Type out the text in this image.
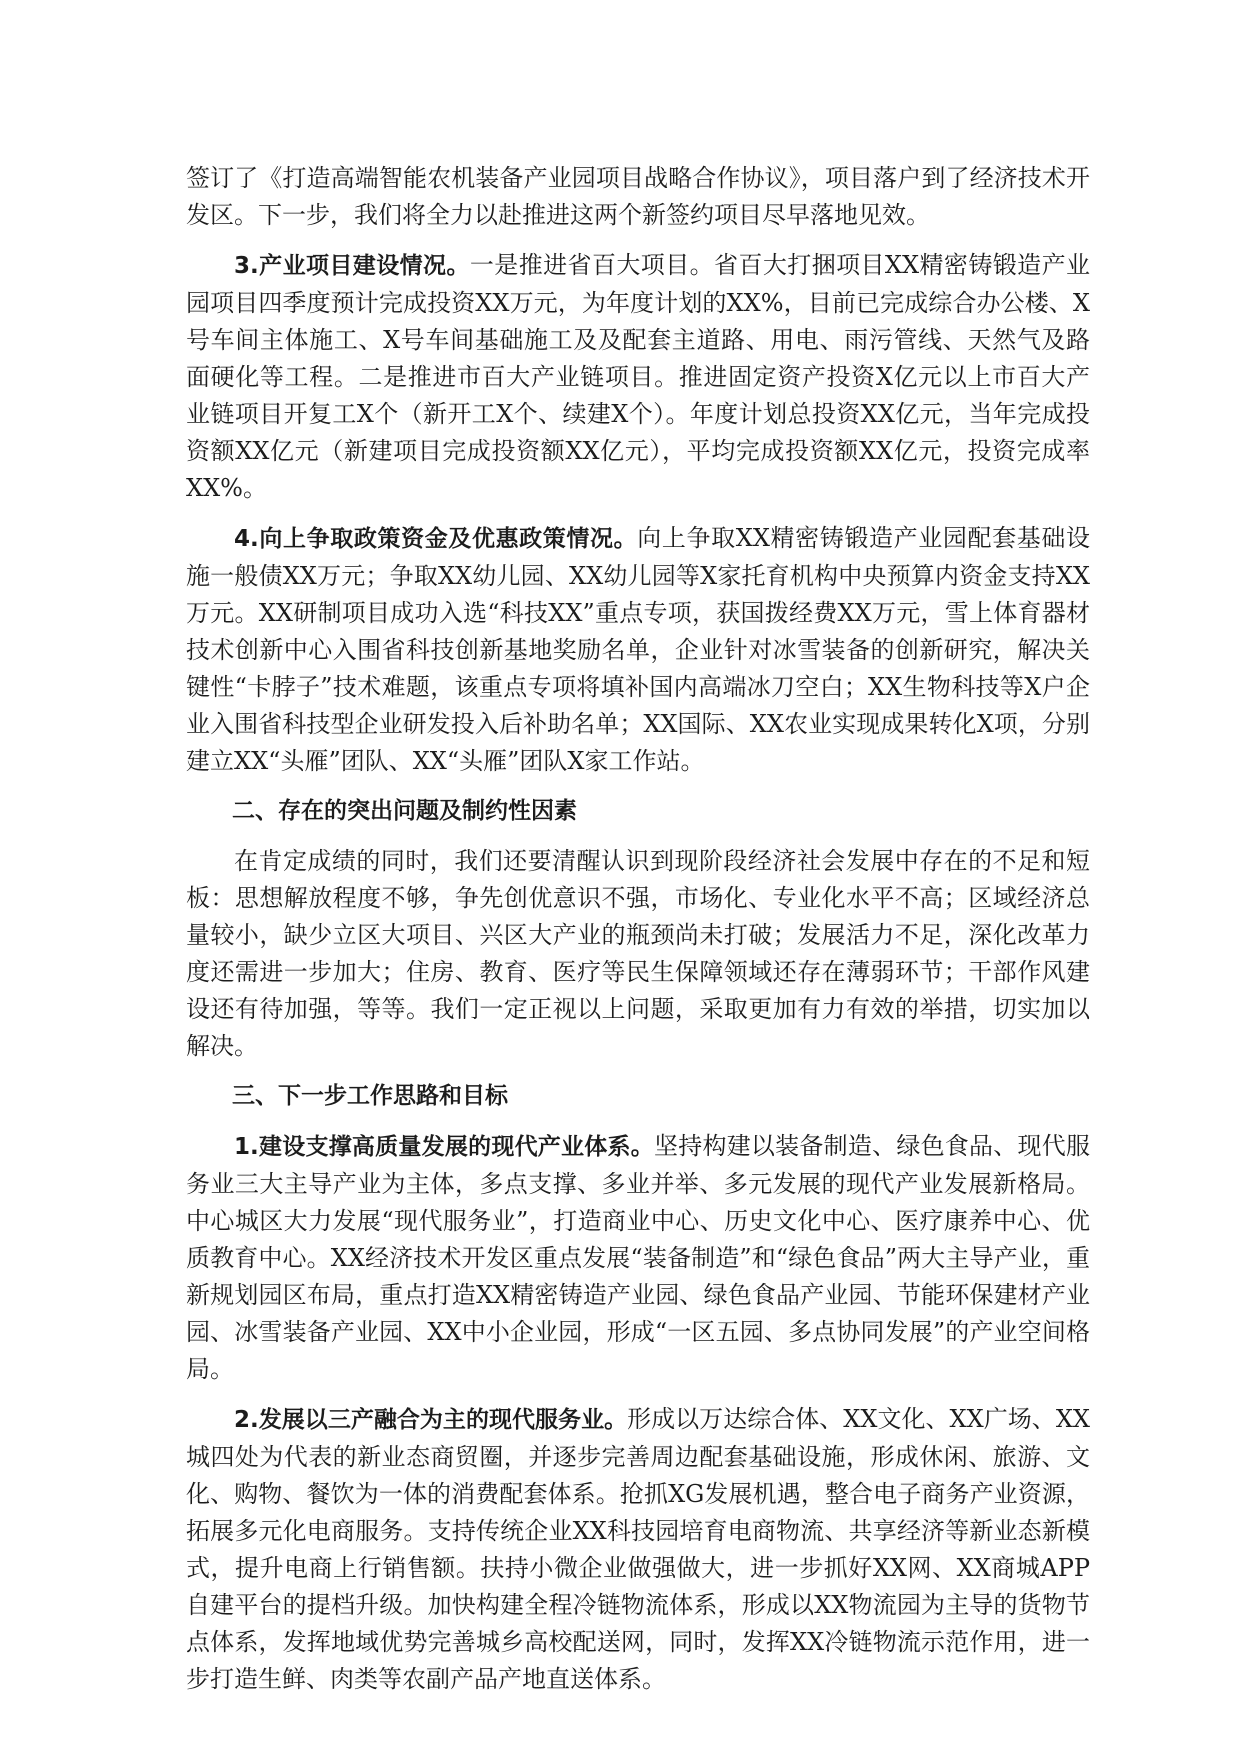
签订了《打造高端智能农机装备产业园项目战略合作协议》，项目落户到了经济技术开发区。下一步，我们将全力以赴推进这两个新签约项目尽早落地见效。

3.产业项目建设情况。一是推进省百大项目。省百大打捆项目XX精密铸锻造产业园项目四季度预计完成投资XX万元，为年度计划的XX%，目前已完成综合办公楼、X号车间主体施工、X号车间基础施工及及配套主道路、用电、雨污管线、天然气及路面硬化等工程。二是推进市百大产业链项目。推进固定资产投资X亿元以上市百大产业链项目开复工X个（新开工X个、续建X个）。年度计划总投资XX亿元，当年完成投资额XX亿元（新建项目完成投资额XX亿元），平均完成投资额XX亿元，投资完成率XX%。

4.向上争取政策资金及优惠政策情况。向上争取XX精密铸锻造产业园配套基础设施一般债XX万元；争取XX幼儿园、XX幼儿园等X家托育机构中央预算内资金支持XX万元。XX研制项目成功入选“科技XX”重点专项，获国拨经费XX万元，雪上体育器材技术创新中心入围省科技创新基地奖励名单，企业针对冰雪装备的创新研究，解决关键性“卡脖子”技术难题，该重点专项将填补国内高端冰刀空白；XX生物科技等X户企业入围省科技型企业研发投入后补助名单；XX国际、XX农业实现成果转化X项，分别建立XX“头雁”团队、XX“头雁”团队X家工作站。

二、存在的突出问题及制约性因素

在肯定成绩的同时，我们还要清醒认识到现阶段经济社会发展中存在的不足和短板：思想解放程度不够，争先创优意识不强，市场化、专业化水平不高；区域经济总量较小，缺少立区大项目、兴区大产业的瓶颈尚未打破；发展活力不足，深化改革力度还需进一步加大；住房、教育、医疗等民生保障领域还存在薄弱环节；干部作风建设还有待加强，等等。我们一定正视以上问题，采取更加有力有效的举措，切实加以解决。

三、下一步工作思路和目标

1.建设支撑高质量发展的现代产业体系。坚持构建以装备制造、绿色食品、现代服务业三大主导产业为主体，多点支撑、多业并举、多元发展的现代产业发展新格局。中心城区大力发展“现代服务业”，打造商业中心、历史文化中心、医疗康养中心、优质教育中心。XX经济技术开发区重点发展“装备制造”和“绿色食品”两大主导产业，重新规划园区布局，重点打造XX精密铸造产业园、绿色食品产业园、节能环保建材产业园、冰雪装备产业园、XX中小企业园，形成“一区五园、多点协同发展”的产业空间格局。

2.发展以三产融合为主的现代服务业。形成以万达综合体、XX文化、XX广场、XX城四处为代表的新业态商贸圈，并逐步完善周边配套基础设施，形成休闲、旅游、文化、购物、餐饮为一体的消费配套体系。抢抓XG发展机遇，整合电子商务产业资源，拓展多元化电商服务。支持传统企业XX科技园培育电商物流、共享经济等新业态新模式，提升电商上行销售额。扶持小微企业做强做大，进一步抓好XX网、XX商城APP自建平台的提档升级。加快构建全程冷链物流体系，形成以XX物流园为主导的货物节点体系，发挥地域优势完善城乡高校配送网，同时，发挥XX冷链物流示范作用，进一步打造生鲜、肉类等农副产品产地直送体系。
